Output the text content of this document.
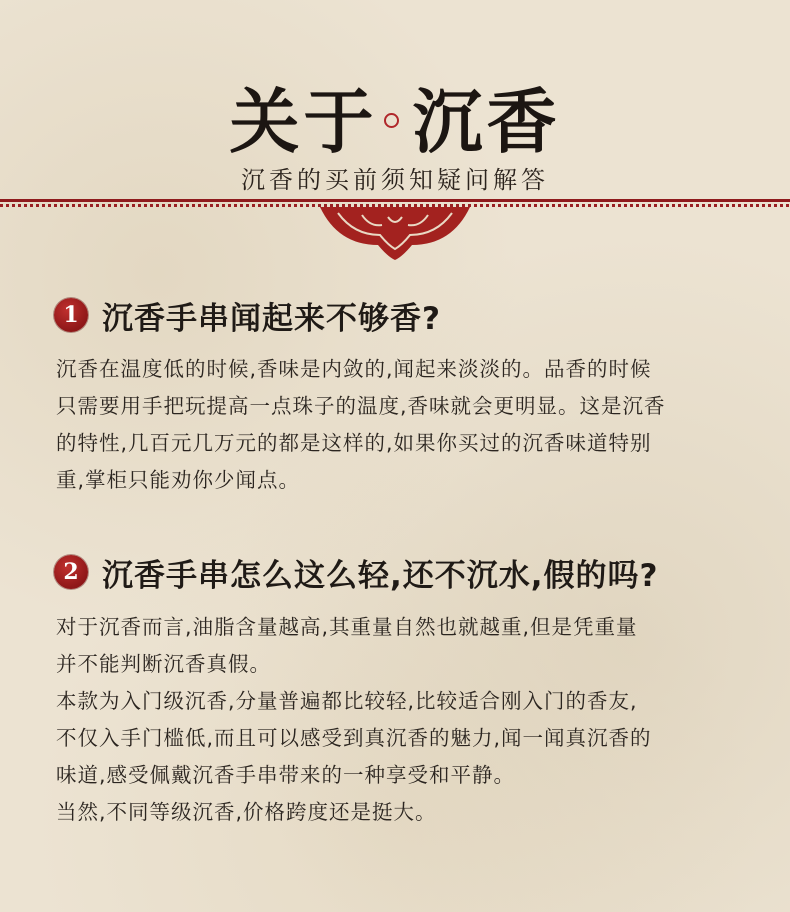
关于 沉香
沉香的买前须知疑问解答
1 沉香手串闻起来不够香?

沉香在温度低的时候,香味是内敛的,闻起来淡淡的。品香的时候

只需要用手把玩提高一点珠子的温度,香味就会更明显。这是沉香

的特性,几百元几万元的都是这样的,如果你买过的沉香味道特别

重,掌柜只能劝你少闻点。

2 沉香手串怎么这么轻,还不沉水,假的吗?

对于沉香而言,油脂含量越高,其重量自然也就越重,但是凭重量

并不能判断沉香真假。

本款为入门级沉香,分量普遍都比较轻,比较适合刚入门的香友,

不仅入手门槛低,而且可以感受到真沉香的魅力,闻一闻真沉香的

味道,感受佩戴沉香手串带来的一种享受和平静。

当然,不同等级沉香,价格跨度还是挺大。
